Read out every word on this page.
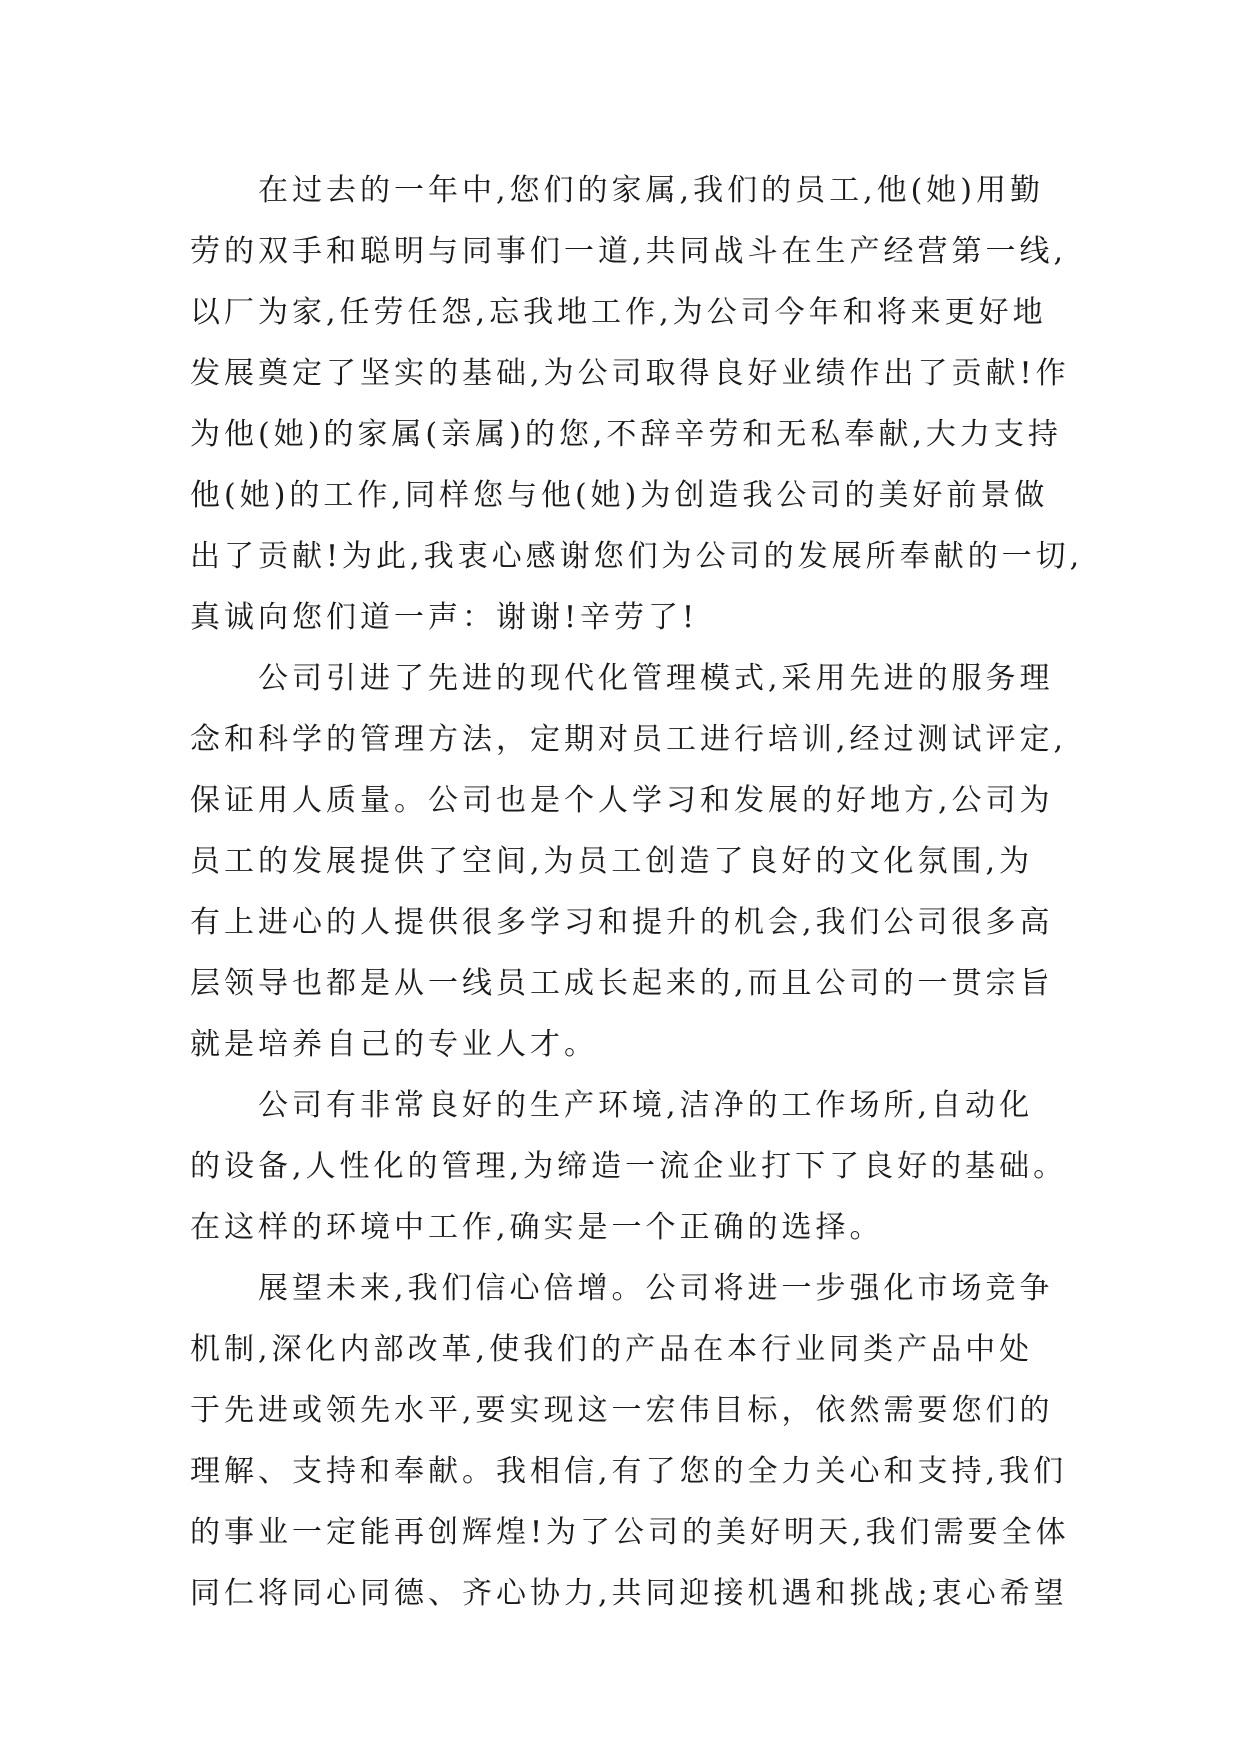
在过去的一年中,您们的家属,我们的员工,他(她)用勤
劳的双手和聪明与同事们一道,共同战斗在生产经营第一线,
以厂为家,任劳任怨,忘我地工作,为公司今年和将来更好地
发展奠定了坚实的基础,为公司取得良好业绩作出了贡献!作
为他(她)的家属(亲属)的您,不辞辛劳和无私奉献,大力支持
他(她)的工作,同样您与他(她)为创造我公司的美好前景做
出了贡献!为此,我衷心感谢您们为公司的发展所奉献的一切,
真诚向您们道一声：谢谢!辛劳了!
公司引进了先进的现代化管理模式,采用先进的服务理
念和科学的管理方法，定期对员工进行培训,经过测试评定,
保证用人质量。公司也是个人学习和发展的好地方,公司为
员工的发展提供了空间,为员工创造了良好的文化氛围,为
有上进心的人提供很多学习和提升的机会,我们公司很多高
层领导也都是从一线员工成长起来的,而且公司的一贯宗旨
就是培养自己的专业人才。
公司有非常良好的生产环境,洁净的工作场所,自动化
的设备,人性化的管理,为缔造一流企业打下了良好的基础。
在这样的环境中工作,确实是一个正确的选择。
展望未来,我们信心倍增。公司将进一步强化市场竞争
机制,深化内部改革,使我们的产品在本行业同类产品中处
于先进或领先水平,要实现这一宏伟目标，依然需要您们的
理解、支持和奉献。我相信,有了您的全力关心和支持,我们
的事业一定能再创辉煌!为了公司的美好明天,我们需要全体
同仁将同心同德、齐心协力,共同迎接机遇和挑战;衷心希望
